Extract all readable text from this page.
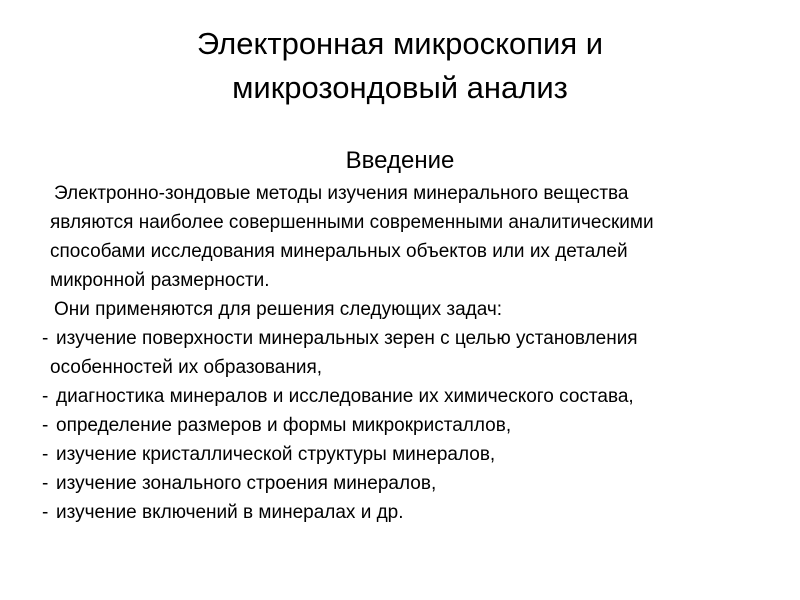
Электронная микроскопия и
микрозондовый анализ
Введение
Электронно-зондовые методы изучения минерального вещества
являются наиболее совершенными современными аналитическими
способами исследования минеральных объектов или их деталей
микронной размерности.
Они применяются для решения следующих задач:
- изучение поверхности минеральных зерен с целью установления
особенностей их образования,
- диагностика минералов и исследование их химического состава,
- определение размеров и формы микрокристаллов,
- изучение кристаллической структуры минералов,
- изучение зонального строения минералов,
- изучение включений в минералах и др.
